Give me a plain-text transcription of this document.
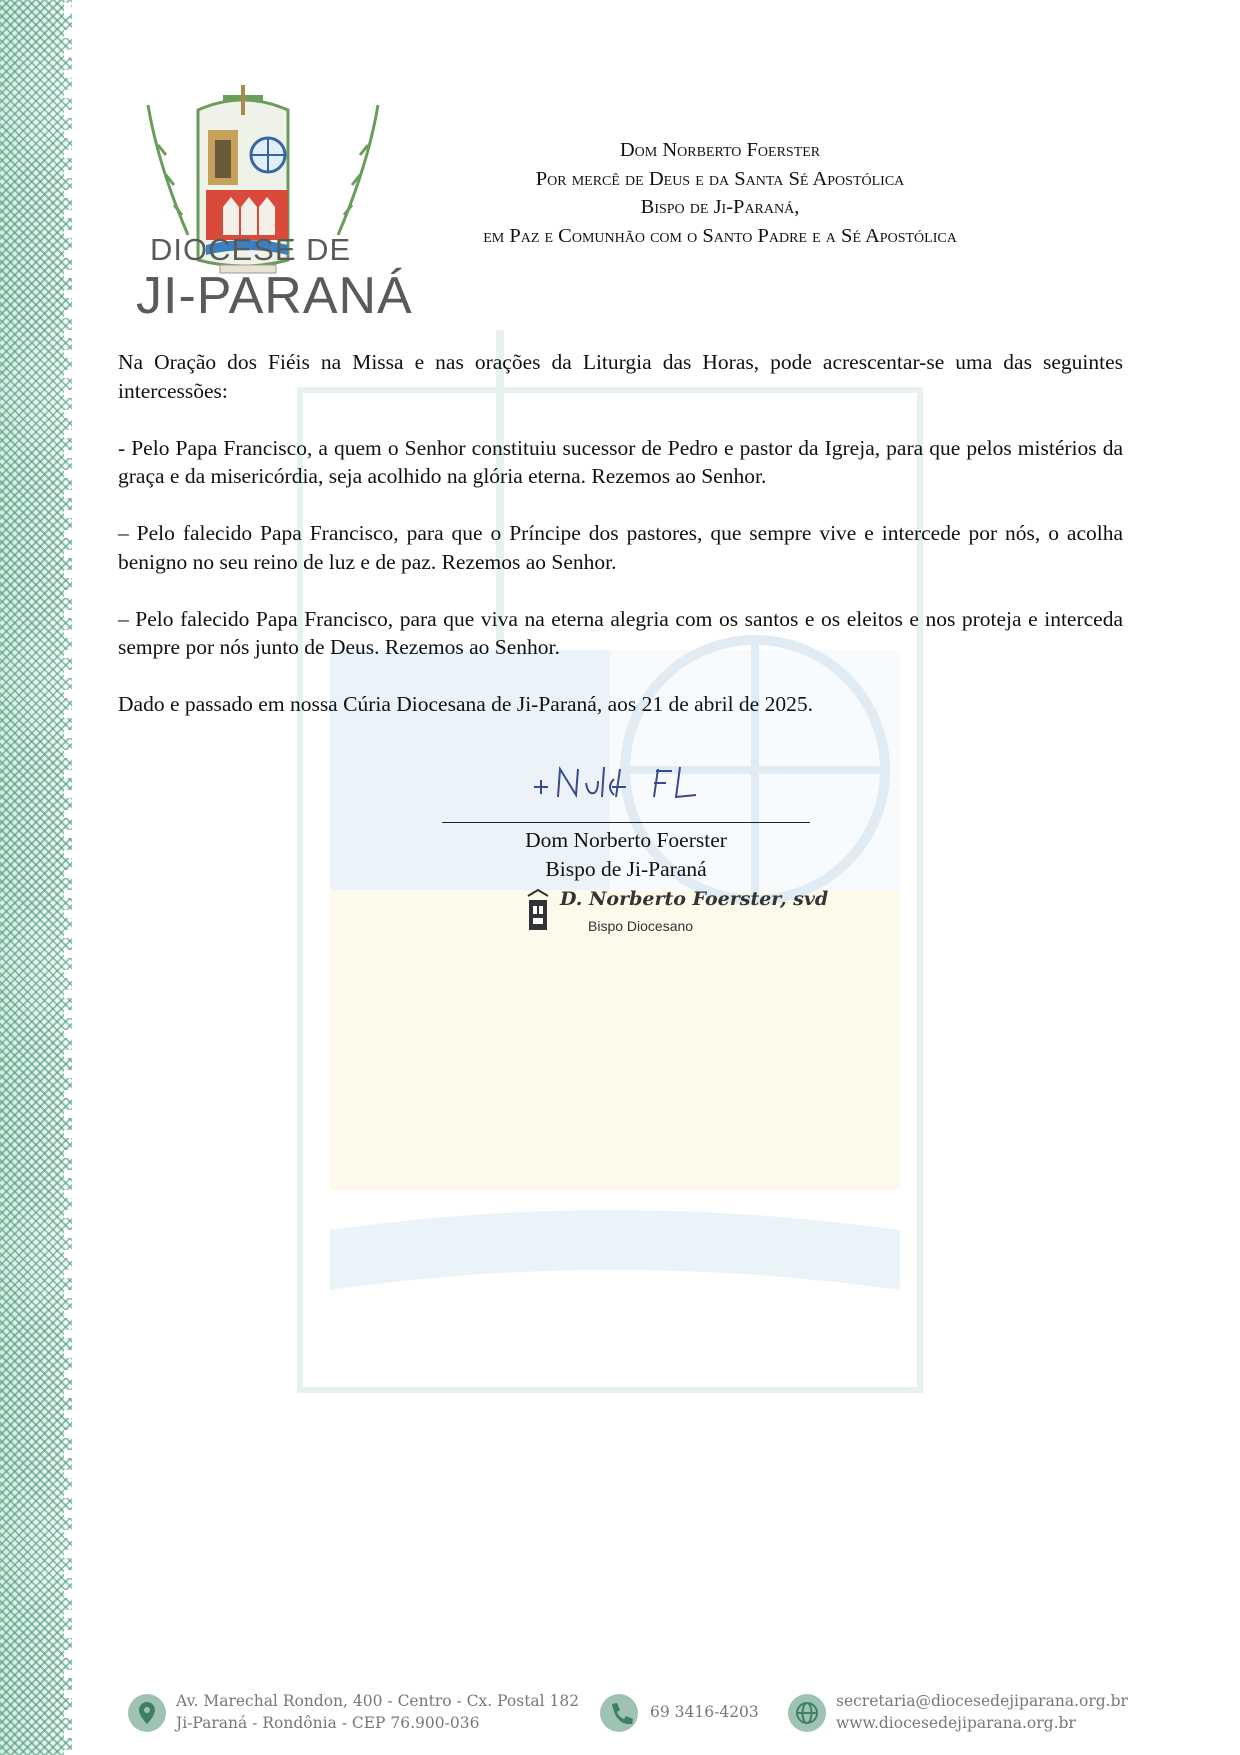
DIOCESE DE
JI-PARANÁ
Dom Norberto Foerster
Por mercê de Deus e da Santa Sé Apostólica
Bispo de Ji-Paraná,
em Paz e Comunhão com o Santo Padre e a Sé Apostólica

Na Oração dos Fiéis na Missa e nas orações da Liturgia das Horas, pode acrescentar-se uma das seguintes intercessões:

- Pelo Papa Francisco, a quem o Senhor constituiu sucessor de Pedro e pastor da Igreja, para que pelos mistérios da graça e da misericórdia, seja acolhido na glória eterna. Rezemos ao Senhor.

– Pelo falecido Papa Francisco, para que o Príncipe dos pastores, que sempre vive e intercede por nós, o acolha benigno no seu reino de luz e de paz. Rezemos ao Senhor.

– Pelo falecido Papa Francisco, para que viva na eterna alegria com os santos e os eleitos e nos proteja e interceda sempre por nós junto de Deus. Rezemos ao Senhor.

Dado e passado em nossa Cúria Diocesana de Ji-Paraná, aos 21 de abril de 2025.

Dom Norberto Foerster
Bispo de Ji-Paraná
D. Norberto Foerster, svd
Bispo Diocesano
Av. Marechal Rondon, 400 - Centro - Cx. Postal 182
Ji-Paraná - Rondônia - CEP 76.900-036
69 3416-4203
secretaria@diocesedejiparana.org.br
www.diocesedejiparana.org.br
